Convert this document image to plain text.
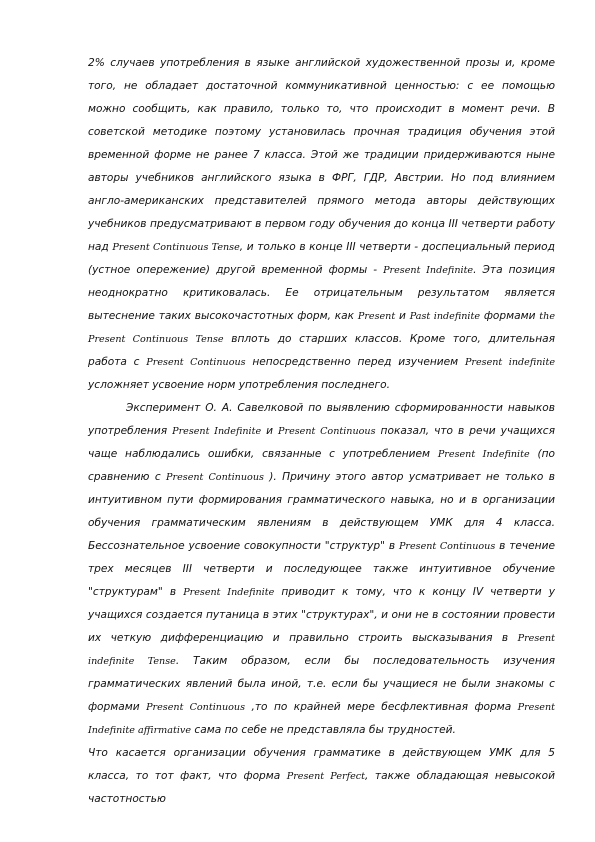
2% случаев употребления в языке английской художественной прозы и, кроме того, не обладает достаточной коммуникативной ценностью: с ее помощью можно сообщить, как правило, только то, что происходит в момент речи. В советской методике поэтому установилась прочная традиция обучения этой временной форме не ранее 7 класса. Этой же традиции придерживаются ныне авторы учебников английского языка в ФРГ, ГДР, Австрии. Но под влиянием англо-американских представителей прямого метода авторы действующих учебников предусматривают в первом году обучения до конца III четверти работу над Present Continuous Tense, и только в конце III четверти - доспециальный период (устное опережение) другой временной формы - Present Indefinite. Эта позиция неоднократно критиковалась. Ее отрицательным результатом является вытеснение таких высокочастотных форм, как Present и Past indefinite формами the Present Continuous Tense вплоть до старших классов. Кроме того, длительная работа с Present Continuous непосредственно перед изучением Present indefinite усложняет усвоение норм употребления последнего.

Эксперимент О. А. Савелковой по выявлению сформированности навыков употребления Present Indefinite и Present Continuous показал, что в речи учащихся чаще наблюдались ошибки, связанные с употреблением Present Indefinite (по сравнению с Present Continuous ). Причину этого автор усматривает не только в интуитивном пути формирования грамматического навыка, но и в организации обучения грамматическим явлениям в действующем УМК для 4 класса. Бессознательное усвоение совокупности "структур" в Present Continuous в течение трех месяцев III четверти и последующее также интуитивное обучение "структурам" в Present Indefinite приводит к тому, что к концу IV четверти у учащихся создается путаница в этих "структурах", и они не в состоянии провести их четкую дифференциацию и правильно строить высказывания в Present indefinite Tense. Таким образом, если бы последовательность изучения грамматических явлений была иной, т.е. если бы учащиеся не были знакомы с формами Present Continuous ,то по крайней мере бесфлективная форма Present Indefinite affirmative сама по себе не представляла бы трудностей.

Что касается организации обучения грамматике в действующем УМК для 5 класса, то тот факт, что форма Present Perfect, также обладающая невысокой частотностью
